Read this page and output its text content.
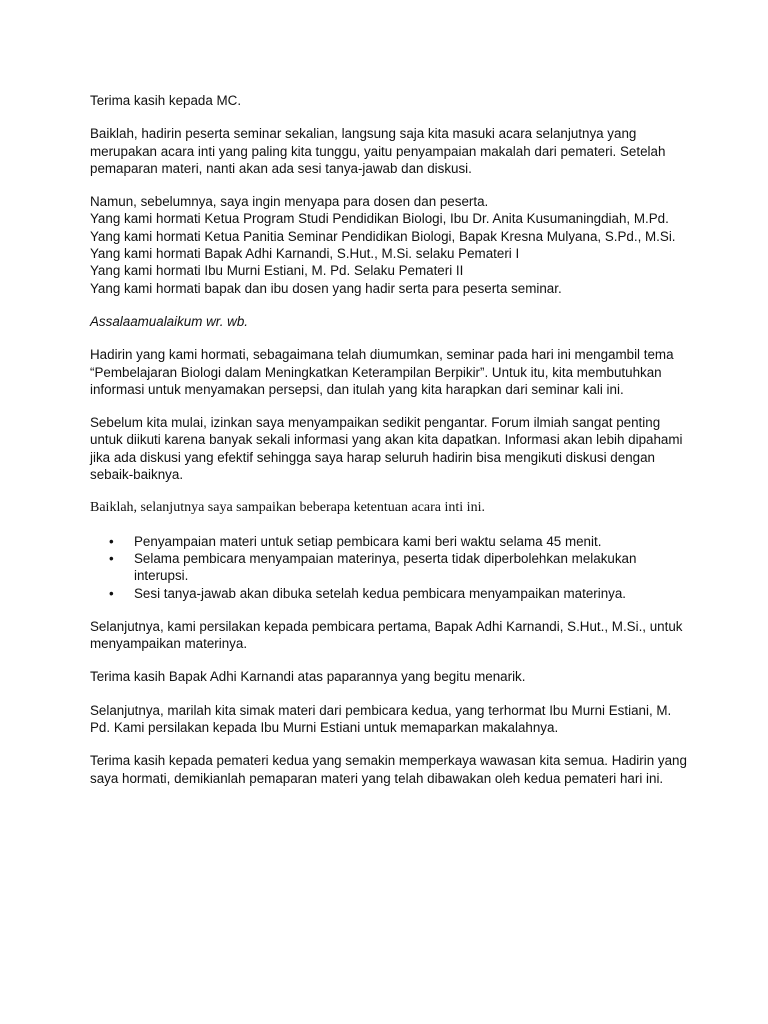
Terima kasih kepada MC.

Baiklah, hadirin peserta seminar sekalian, langsung saja kita masuki acara selanjutnya yang merupakan acara inti yang paling kita tunggu, yaitu penyampaian makalah dari pemateri. Setelah pemaparan materi, nanti akan ada sesi tanya-jawab dan diskusi.

Namun, sebelumnya, saya ingin menyapa para dosen dan peserta.
Yang kami hormati Ketua Program Studi Pendidikan Biologi, Ibu Dr. Anita Kusumaningdiah, M.Pd.
Yang kami hormati Ketua Panitia Seminar Pendidikan Biologi, Bapak Kresna Mulyana, S.Pd., M.Si.
Yang kami hormati Bapak Adhi Karnandi, S.Hut., M.Si. selaku Pemateri I
Yang kami hormati Ibu Murni Estiani, M. Pd. Selaku Pemateri II
Yang kami hormati bapak dan ibu dosen yang hadir serta para peserta seminar.

Assalaamualaikum wr. wb.

Hadirin yang kami hormati, sebagaimana telah diumumkan, seminar pada hari ini mengambil tema “Pembelajaran Biologi dalam Meningkatkan Keterampilan Berpikir”. Untuk itu, kita membutuhkan informasi untuk menyamakan persepsi, dan itulah yang kita harapkan dari seminar kali ini.

Sebelum kita mulai, izinkan saya menyampaikan sedikit pengantar. Forum ilmiah sangat penting untuk diikuti karena banyak sekali informasi yang akan kita dapatkan. Informasi akan lebih dipahami jika ada diskusi yang efektif sehingga saya harap seluruh hadirin bisa mengikuti diskusi dengan sebaik-baiknya.

Baiklah, selanjutnya saya sampaikan beberapa ketentuan acara inti ini.

• Penyampaian materi untuk setiap pembicara kami beri waktu selama 45 menit.
• Selama pembicara menyampaian materinya, peserta tidak diperbolehkan melakukan interupsi.
• Sesi tanya-jawab akan dibuka setelah kedua pembicara menyampaikan materinya.

Selanjutnya, kami persilakan kepada pembicara pertama, Bapak Adhi Karnandi, S.Hut., M.Si., untuk menyampaikan materinya.

Terima kasih Bapak Adhi Karnandi atas paparannya yang begitu menarik.

Selanjutnya, marilah kita simak materi dari pembicara kedua, yang terhormat Ibu Murni Estiani, M. Pd. Kami persilakan kepada Ibu Murni Estiani untuk memaparkan makalahnya.

Terima kasih kepada pemateri kedua yang semakin memperkaya wawasan kita semua. Hadirin yang saya hormati, demikianlah pemaparan materi yang telah dibawakan oleh kedua pemateri hari ini.
